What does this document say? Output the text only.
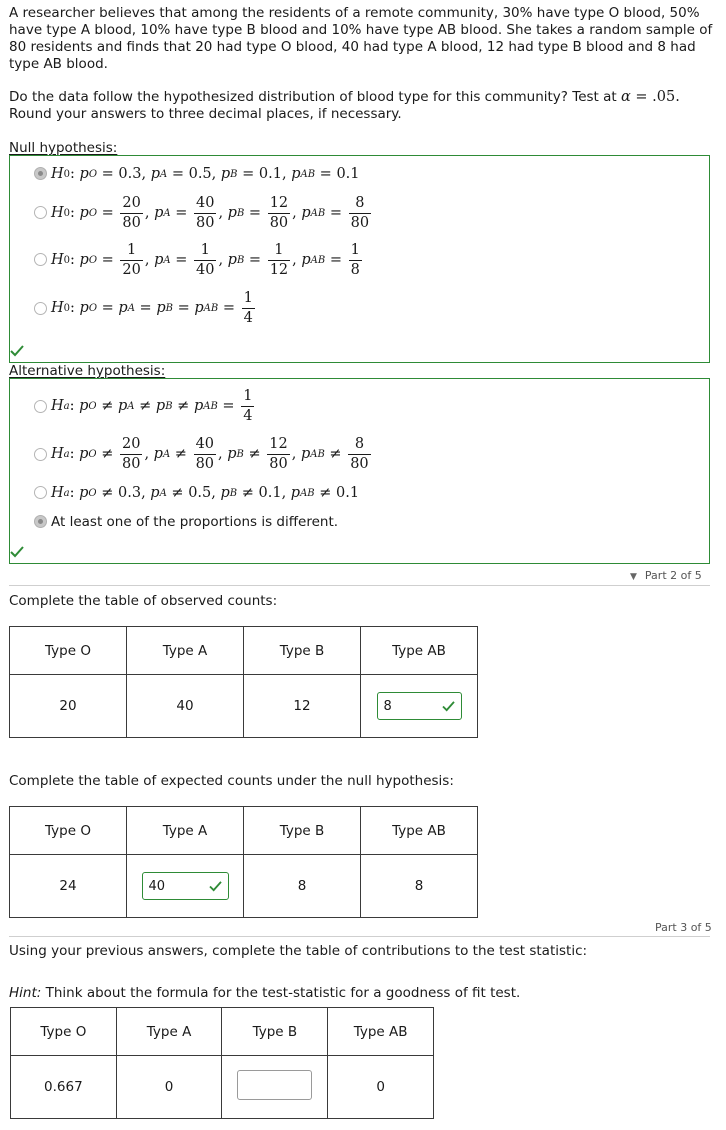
A researcher believes that among the residents of a remote community, 30% have type O blood, 50% have type A blood, 10% have type B blood and 10% have type AB blood. She takes a random sample of 80 residents and finds that 20 had type O blood, 40 had type A blood, 12 had type B blood and 8 had type AB blood.
Do the data follow the hypothesized distribution of blood type for this community? Test at α = .05. Round your answers to three decimal places, if necessary.
Null hypothesis:
H 0 : p O = 0.3 , p A = 0.5 , p B = 0.1 , p AB = 0.1
H 0 : p $O = \frac{20}{80}$ , p $A = \frac{40}{80}$ , p $B = \frac{12}{80}$ , p AB = $\frac{8}{80}$
H 0 : p $O = \frac{1}{20}$ , p $A = \frac{1}{40}$ , p $B = \frac{1}{12}$ , p AB = $\frac{1}{8}$
H 0 : p O = p A = p B = p AB = $\frac{1}{4}$
Alternative hypothesis:
H a : p O ≠ p A ≠ p B ≠ p AB = $\frac{1}{4}$
H a : p $O \ne \frac{20}{80}$ , p $A \ne \frac{40}{80}$ , p $B \ne \frac{12}{80}$ , p AB ≠ $\frac{8}{80}$
H a : p O ≠ 0.3 , p A ≠ 0.5 , p B ≠ 0.1 , p AB ≠ 0.1
At least one of the proportions is different.
▼ Part 2 of 5
Complete the table of observed counts:
Type O	Type A	Type B	Type AB
20	40	12	8
Complete the table of expected counts under the null hypothesis:
Type O	Type A	Type B	Type AB
24	40	8	8
Part 3 of 5
Using your previous answers, complete the table of contributions to the test statistic:
Hint: Think about the formula for the test-statistic for a goodness of fit test.
Type O	Type A	Type B	Type AB
0.667	0		0
